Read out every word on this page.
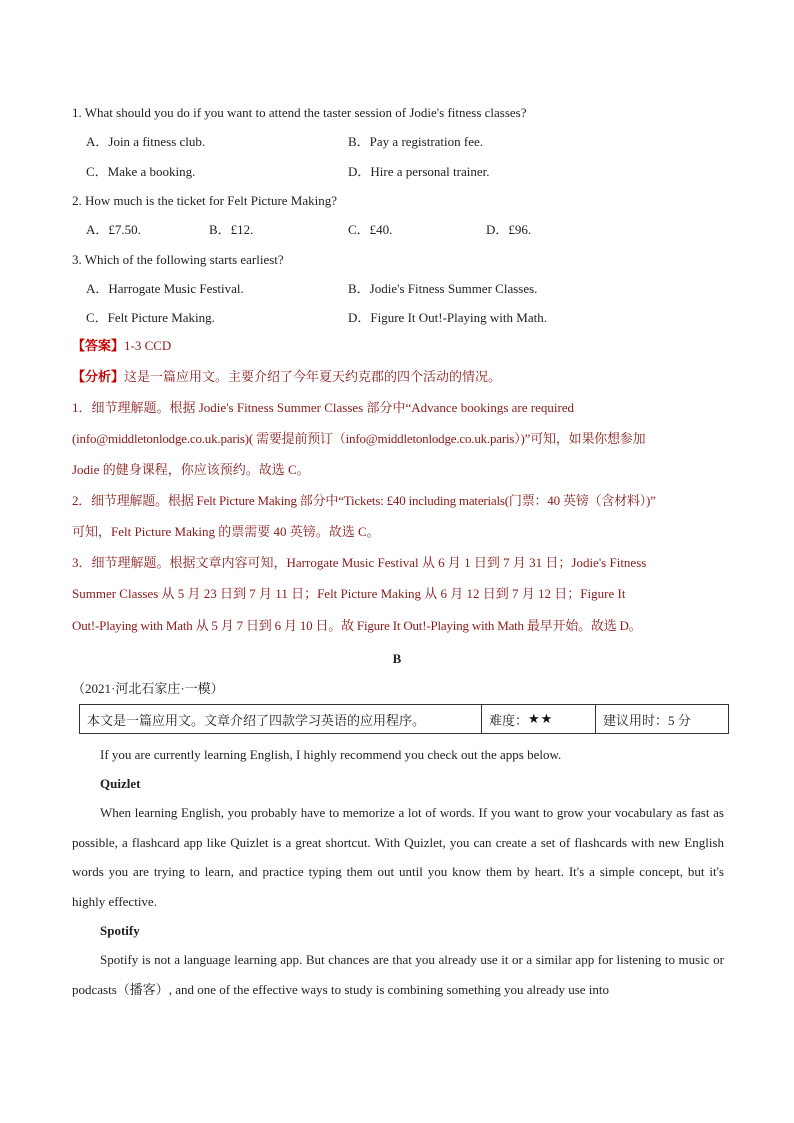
1. What should you do if you want to attend the taster session of Jodie's fitness classes?
A．Join a fitness club.	B．Pay a registration fee.
C．Make a booking.	D．Hire a personal trainer.
2. How much is the ticket for Felt Picture Making?
A．£7.50.	B．£12.	C．£40.	D．£96.
3. Which of the following starts earliest?
A．Harrogate Music Festival.	B．Jodie's Fitness Summer Classes.
C．Felt Picture Making.	D．Figure It Out!-Playing with Math.
【答案】1-3 CCD
【分析】这是一篇应用文。主要介绍了今年夏天约克郡的四个活动的情况。
1．细节理解题。根据 Jodie's Fitness Summer Classes 部分中“Advance bookings are required
(info@middletonlodge.co.uk.paris)( 需要提前预订（info@middletonlodge.co.uk.paris）)”可知，如果你想参加
Jodie 的健身课程，你应该预约。故选 C。
2．细节理解题。根据 Felt Picture Making 部分中“Tickets: £40 including materials(门票：40 英镑（含材料）)”
可知，Felt Picture Making 的票需要 40 英镑。故选 C。
3．细节理解题。根据文章内容可知，Harrogate Music Festival 从 6 月 1 日到 7 月 31 日；Jodie's Fitness
Summer Classes 从 5 月 23 日到 7 月 11 日；Felt Picture Making 从 6 月 12 日到 7 月 12 日；Figure It
Out!-Playing with Math 从 5 月 7 日到 6 月 10 日。故 Figure It Out!-Playing with Math 最早开始。故选 D。
B
（2021·河北石家庄·一模）
本文是一篇应用文。文章介绍了四款学习英语的应用程序。	难度： ★★	建议用时：5 分
If you are currently learning English, I highly recommend you check out the apps below.
Quizlet
When learning English, you probably have to memorize a lot of words. If you want to grow your vocabulary as fast as possible, a flashcard app like Quizlet is a great shortcut. With Quizlet, you can create a set of flashcards with new English words you are trying to learn, and practice typing them out until you know them by heart. It's a simple concept, but it's highly effective.
Spotify
Spotify is not a language learning app. But chances are that you already use it or a similar app for listening to music or podcasts（播客）, and one of the effective ways to study is combining something you already use into
